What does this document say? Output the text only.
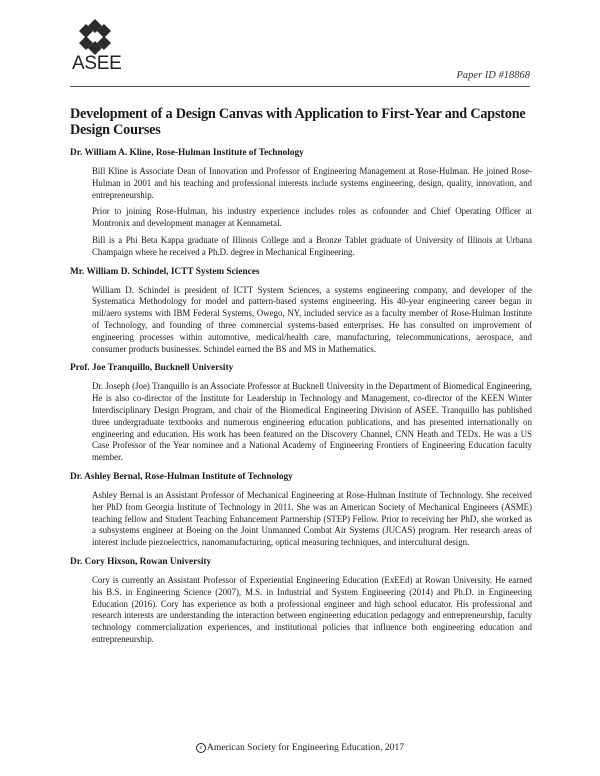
ASEE
Paper ID #18868
Development of a Design Canvas with Application to First-Year and Capstone Design Courses
Dr. William A. Kline, Rose-Hulman Institute of Technology

Bill Kline is Associate Dean of Innovation and Professor of Engineering Management at Rose-Hulman. He joined Rose-Hulman in 2001 and his teaching and professional interests include systems engineering, design, quality, innovation, and entrepreneurship.

Prior to joining Rose-Hulman, his industry experience includes roles as cofounder and Chief Operating Officer at Montronix and development manager at Kennametal.

Bill is a Phi Beta Kappa graduate of Illinois College and a Bronze Tablet graduate of University of Illinois at Urbana Champaign where he received a Ph.D. degree in Mechanical Engineering.

Mr. William D. Schindel, ICTT System Sciences

William D. Schindel is president of ICTT System Sciences, a systems engineering company, and developer of the Systematica Methodology for model and pattern-based systems engineering. His 40-year engineering career began in mil/aero systems with IBM Federal Systems, Owego, NY, included service as a faculty member of Rose-Hulman Institute of Technology, and founding of three commercial systems-based enterprises. He has consulted on improvement of engineering processes within automotive, medical/health care, manufacturing, telecommunications, aerospace, and consumer products businesses. Schindel earned the BS and MS in Mathematics.

Prof. Joe Tranquillo, Bucknell University

Dr. Joseph (Joe) Tranquillo is an Associate Professor at Bucknell University in the Department of Biomedical Engineering, He is also co-director of the Institute for Leadership in Technology and Management, co-director of the KEEN Winter Interdisciplinary Design Program, and chair of the Biomedical Engineering Division of ASEE. Tranquillo has published three undergraduate textbooks and numerous engineering education publications, and has presented internationally on engineering and education. His work has been featured on the Discovery Channel, CNN Heath and TEDx. He was a US Case Professor of the Year nominee and a National Academy of Engineering Frontiers of Engineering Education faculty member.

Dr. Ashley Bernal, Rose-Hulman Institute of Technology

Ashley Bernal is an Assistant Professor of Mechanical Engineering at Rose-Hulman Institute of Technology. She received her PhD from Georgia Institute of Technology in 2011. She was an American Society of Mechanical Engineers (ASME) teaching fellow and Student Teaching Enhancement Partnership (STEP) Fellow. Prior to receiving her PhD, she worked as a subsystems engineer at Boeing on the Joint Unmanned Combat Air Systems (JUCAS) program. Her research areas of interest include piezoelectrics, nanomanufacturing, optical measuring techniques, and intercultural design.

Dr. Cory Hixson, Rowan University

Cory is currently an Assistant Professor of Experiential Engineering Education (ExEEd) at Rowan University. He earned his B.S. in Engineering Science (2007), M.S. in Industrial and System Engineering (2014) and Ph.D. in Engineering Education (2016). Cory has experience as both a professional engineer and high school educator. His professional and research interests are understanding the interaction between engineering education pedagogy and entrepreneurship, faculty technology commercialization experiences, and institutional policies that influence both engineering education and entrepreneurship.

c American Society for Engineering Education, 2017
